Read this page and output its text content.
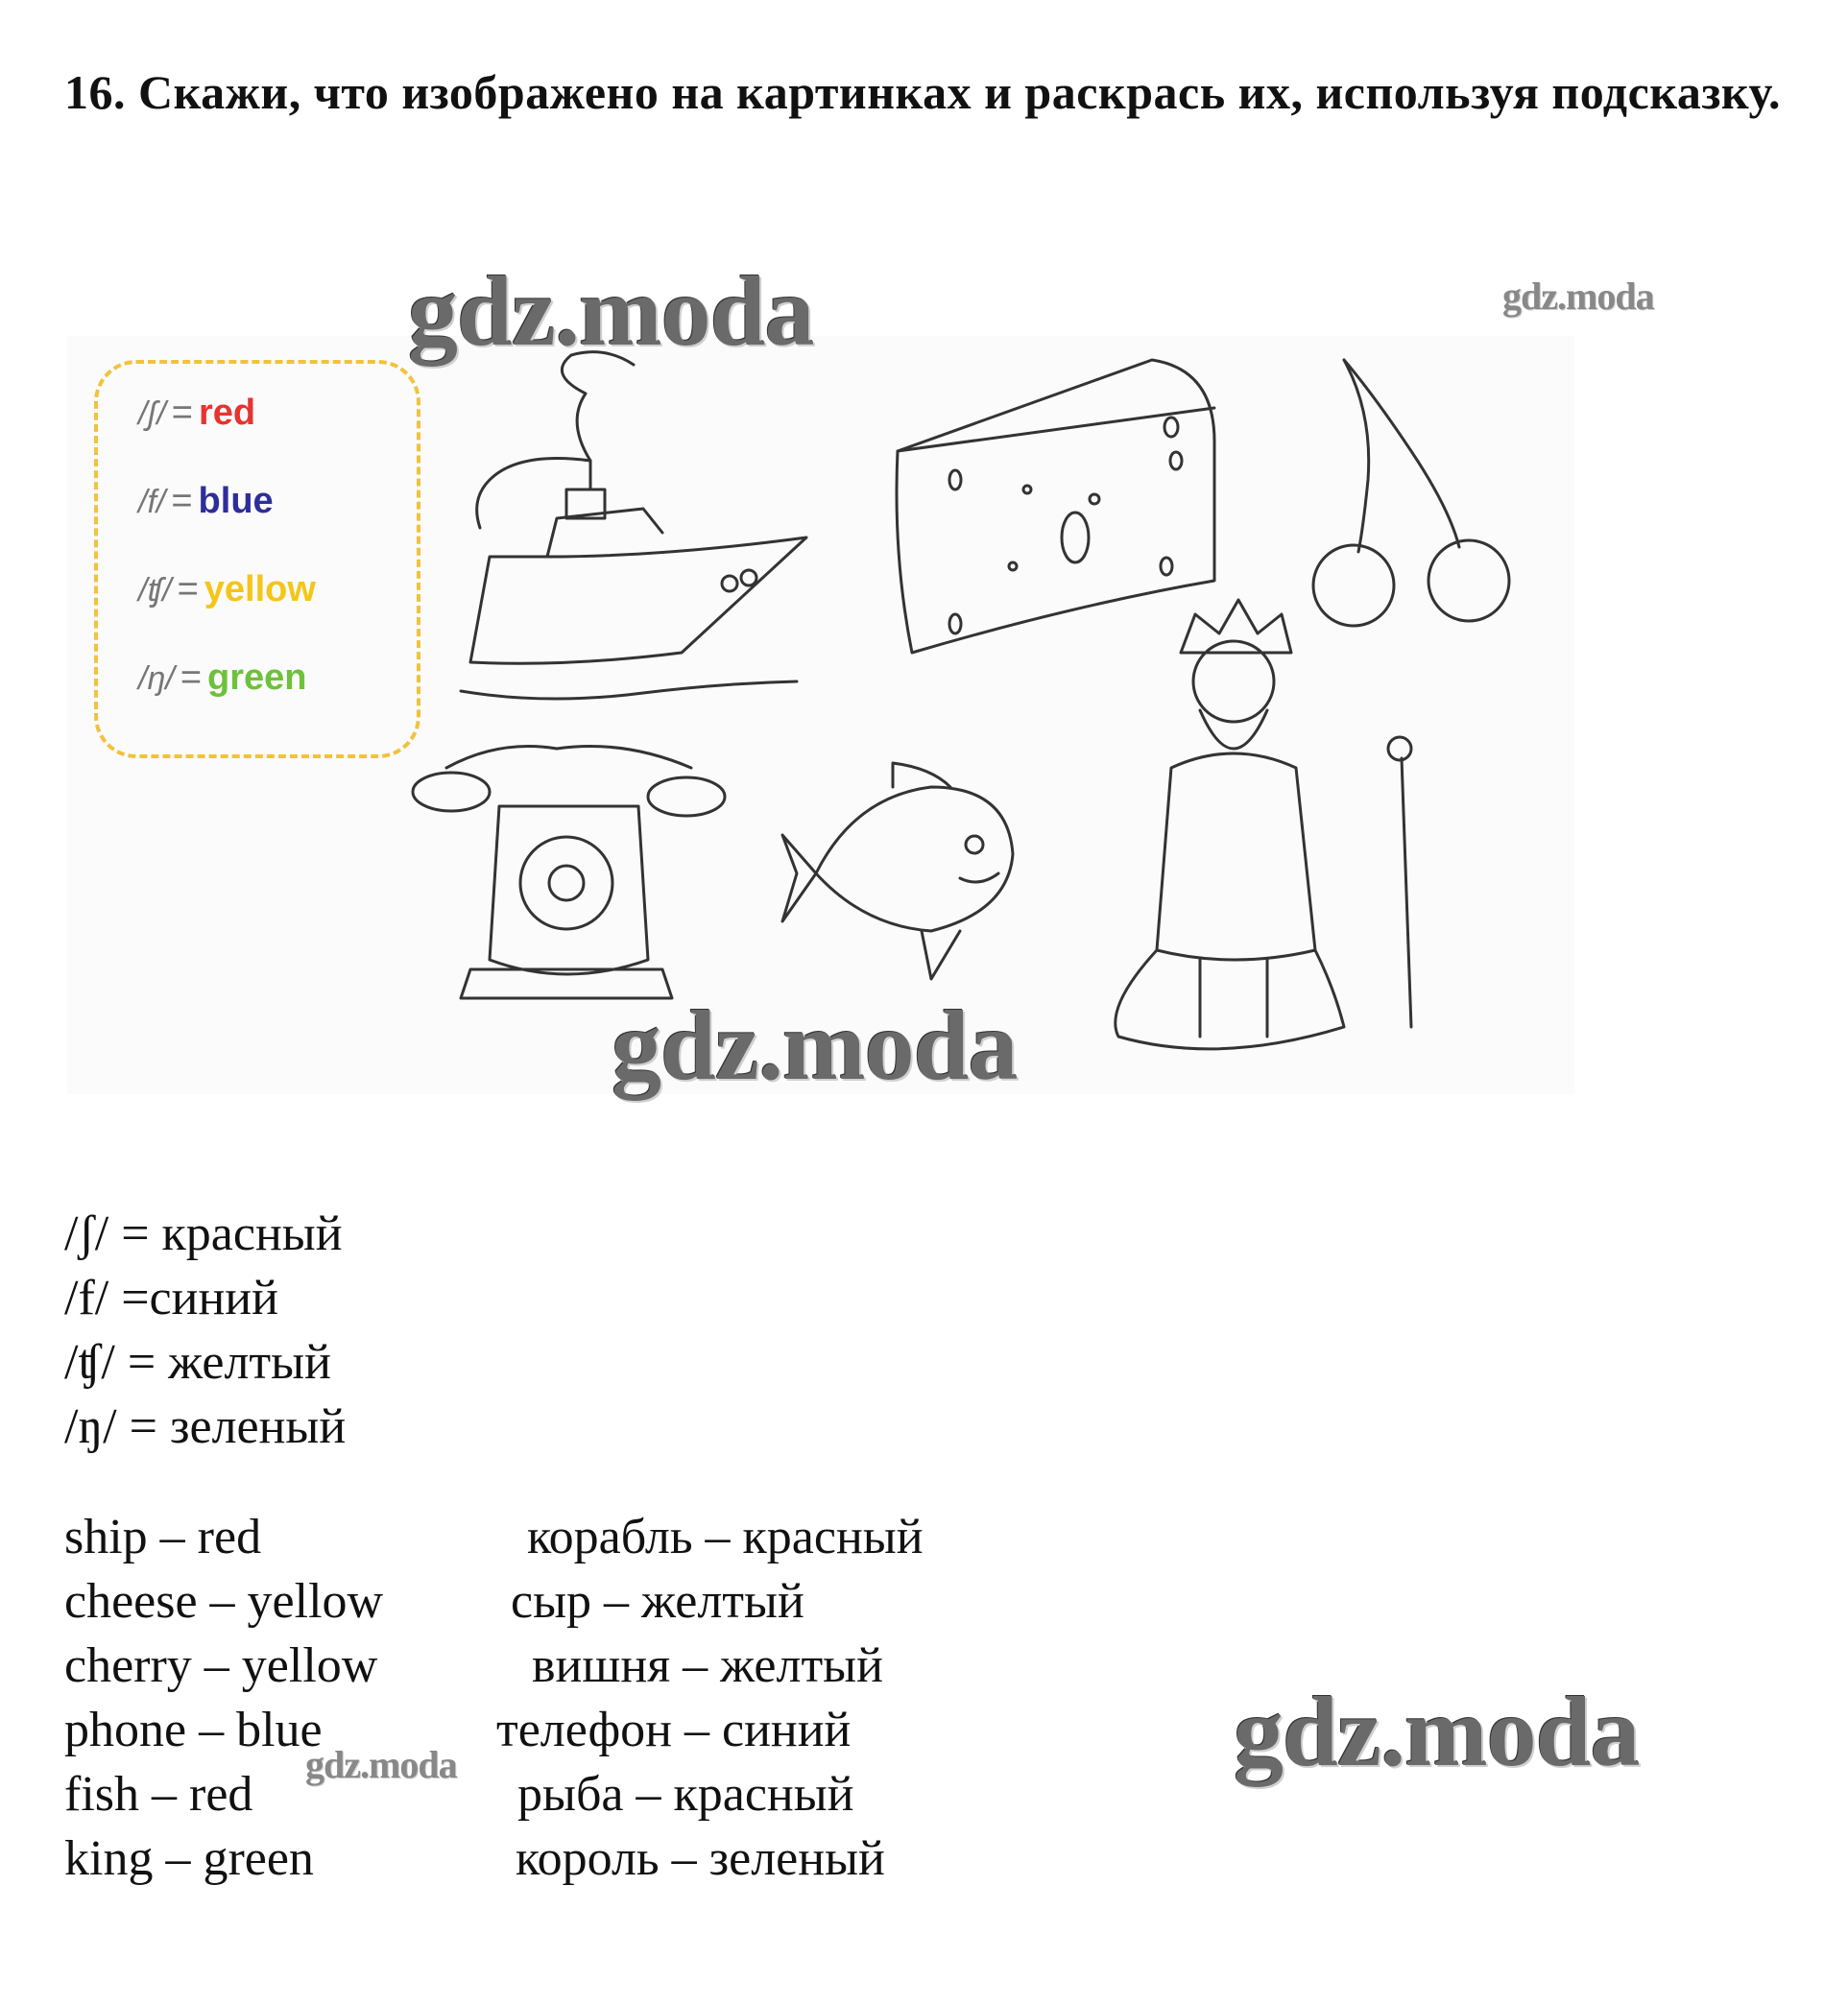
16. Скажи, что изображено на картинках и раскрась их, используя подсказку.
/ʃ/ = red
/f/ = blue
/ʧ/ = yellow
/ŋ/ = green
gdz.moda	gdz.moda
gdz.moda
gdz.moda
gdz.moda
/ʃ/ = красный
/f/ =синий
/ʧ/ = желтый
/ŋ/ = зеленый
ship – red	корабль – красный
cheese – yellow	сыр – желтый
cherry – yellow	вишня – желтый
phone – blue	телефон – синий
fish – red	рыба – красный
king – green	король – зеленый
